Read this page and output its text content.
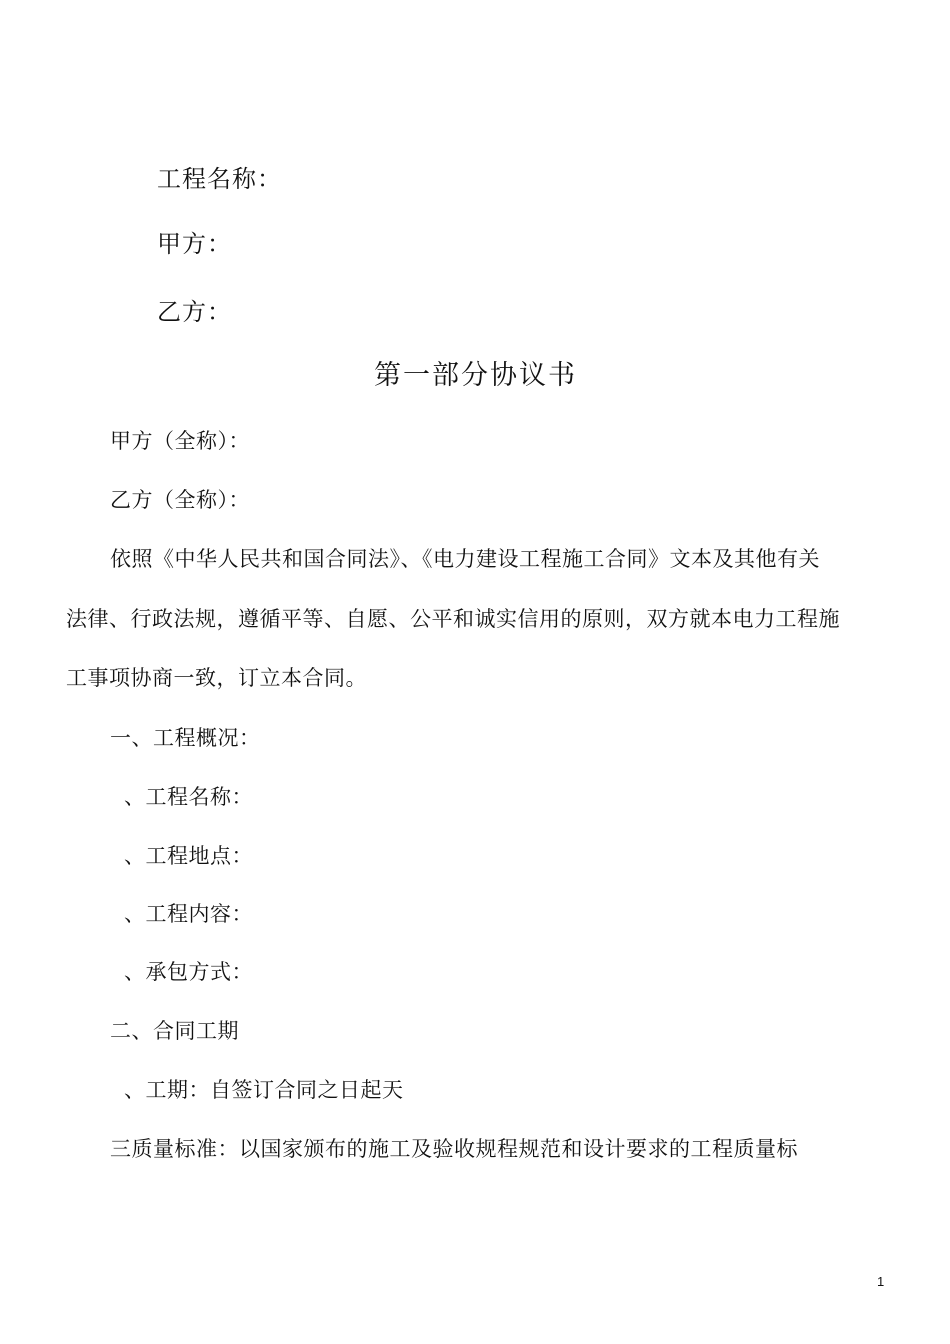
工程名称：
甲方：
乙方：
第一部分协议书
甲方（全称）：
乙方（全称）：
依照《中华人民共和国合同法》、《电力建设工程施工合同》文本及其他有关
法律、行政法规，遵循平等、自愿、公平和诚实信用的原则，双方就本电力工程施
工事项协商一致，订立本合同。
一、工程概况：
、工程名称：
、工程地点：
、工程内容：
、承包方式：
二、合同工期
、工期：自签订合同之日起天
三质量标准：以国家颁布的施工及验收规程规范和设计要求的工程质量标
1
